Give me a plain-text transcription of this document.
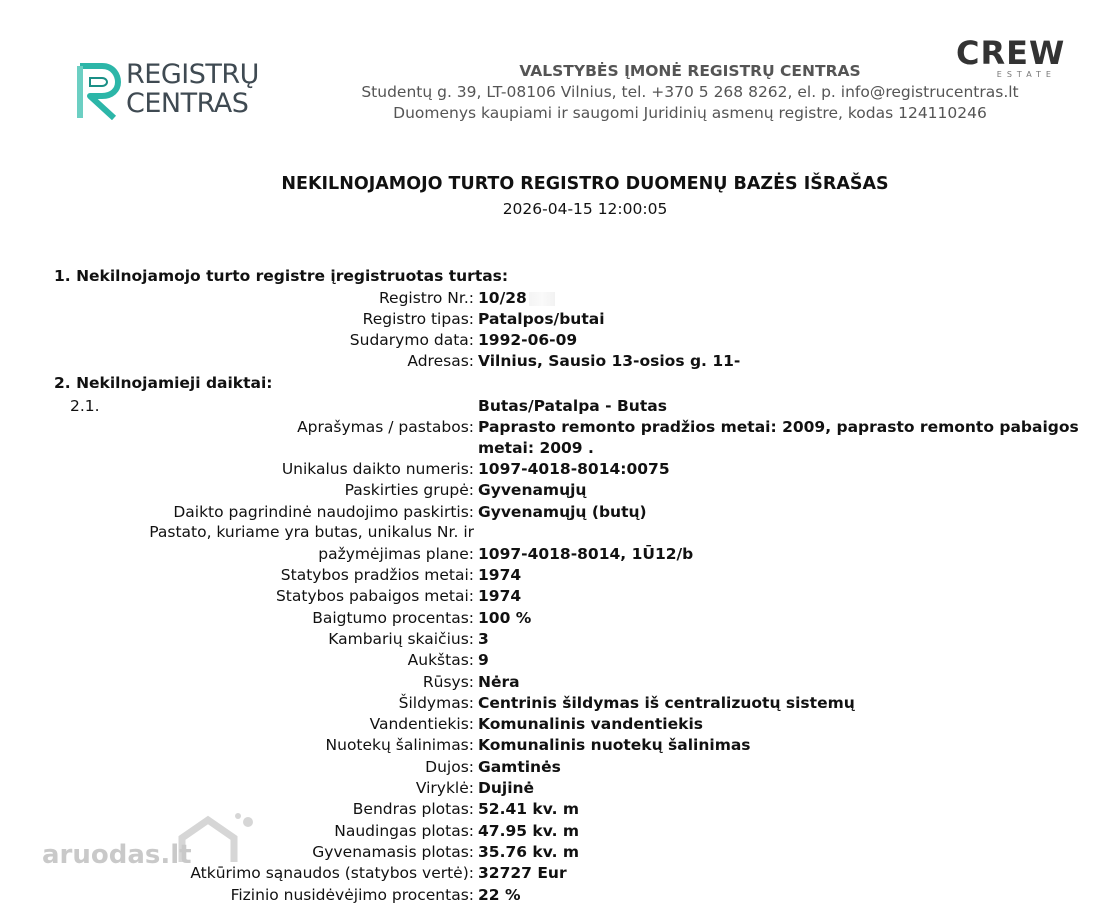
REGISTRŲ
CENTRAS
VALSTYBĖS ĮMONĖ REGISTRŲ CENTRAS
Studentų g. 39, LT-08106 Vilnius, tel. +370 5 268 8262, el. p. info@registrucentras.lt
Duomenys kaupiami ir saugomi Juridinių asmenų registre, kodas 124110246
CREW
ESTATE
NEKILNOJAMOJO TURTO REGISTRO DUOMENŲ BAZĖS IŠRAŠAS
2026-04-15 12:00:05
1. Nekilnojamojo turto registre įregistruotas turtas:
Registro Nr.: 10/28
Registro tipas: Patalpos/butai
Sudarymo data: 1992-06-09
Adresas: Vilnius, Sausio 13-osios g. 11-
2. Nekilnojamieji daiktai:
2.1.	Butas/Patalpa - Butas
Aprašymas / pastabos: Paprasto remonto pradžios metai: 2009, paprasto remonto pabaigos metai: 2009 .
Unikalus daikto numeris: 1097-4018-8014:0075
Paskirties grupė: Gyvenamųjų
Daikto pagrindinė naudojimo paskirtis: Gyvenamųjų (butų)
Pastato, kuriame yra butas, unikalus Nr. ir
pažymėjimas plane: 1097-4018-8014, 1Ū12/b
Statybos pradžios metai: 1974
Statybos pabaigos metai: 1974
Baigtumo procentas: 100 %
Kambarių skaičius: 3
Aukštas: 9
Rūsys: Nėra
Šildymas: Centrinis šildymas iš centralizuotų sistemų
Vandentiekis: Komunalinis vandentiekis
Nuotekų šalinimas: Komunalinis nuotekų šalinimas
Dujos: Gamtinės
Viryklė: Dujinė
Bendras plotas: 52.41 kv. m
Naudingas plotas: 47.95 kv. m
Gyvenamasis plotas: 35.76 kv. m
Atkūrimo sąnaudos (statybos vertė): 32727 Eur
Fizinio nusidėvėjimo procentas: 22 %
aruodas.lt
